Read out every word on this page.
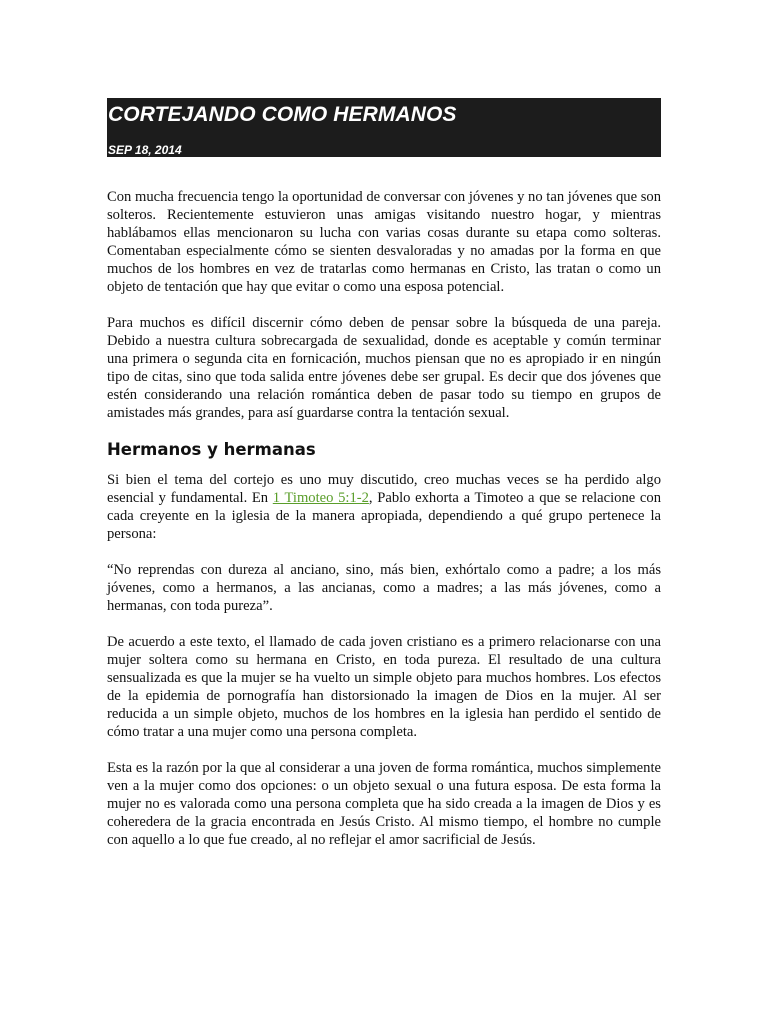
CORTEJANDO COMO HERMANOS
SEP 18, 2014

Con mucha frecuencia tengo la oportunidad de conversar con jóvenes y no tan jóvenes que son solteros. Recientemente estuvieron unas amigas visitando nuestro hogar, y mientras hablábamos ellas mencionaron su lucha con varias cosas durante su etapa como solteras. Comentaban especialmente cómo se sienten desvaloradas y no amadas por la forma en que muchos de los hombres en vez de tratarlas como hermanas en Cristo, las tratan o como un objeto de tentación que hay que evitar o como una esposa potencial.

Para muchos es difícil discernir cómo deben de pensar sobre la búsqueda de una pareja. Debido a nuestra cultura sobrecargada de sexualidad, donde es aceptable y común terminar una primera o segunda cita en fornicación, muchos piensan que no es apropiado ir en ningún tipo de citas, sino que toda salida entre jóvenes debe ser grupal. Es decir que dos jóvenes que estén considerando una relación romántica deben de pasar todo su tiempo en grupos de amistades más grandes, para así guardarse contra la tentación sexual.

Hermanos y hermanas

Si bien el tema del cortejo es uno muy discutido, creo muchas veces se ha perdido algo esencial y fundamental. En 1 Timoteo 5:1-2, Pablo exhorta a Timoteo a que se relacione con cada creyente en la iglesia de la manera apropiada, dependiendo a qué grupo pertenece la persona:

“No reprendas con dureza al anciano, sino, más bien, exhórtalo como a padre; a los más jóvenes, como a hermanos, a las ancianas, como a madres; a las más jóvenes, como a hermanas, con toda pureza”.

De acuerdo a este texto, el llamado de cada joven cristiano es a primero relacionarse con una mujer soltera como su hermana en Cristo, en toda pureza. El resultado de una cultura sensualizada es que la mujer se ha vuelto un simple objeto para muchos hombres. Los efectos de la epidemia de pornografía han distorsionado la imagen de Dios en la mujer. Al ser reducida a un simple objeto, muchos de los hombres en la iglesia han perdido el sentido de cómo tratar a una mujer como una persona completa.

Esta es la razón por la que al considerar a una joven de forma romántica, muchos simplemente ven a la mujer como dos opciones: o un objeto sexual o una futura esposa. De esta forma la mujer no es valorada como una persona completa que ha sido creada a la imagen de Dios y es coheredera de la gracia encontrada en Jesús Cristo. Al mismo tiempo, el hombre no cumple con aquello a lo que fue creado, al no reflejar el amor sacrificial de Jesús.
